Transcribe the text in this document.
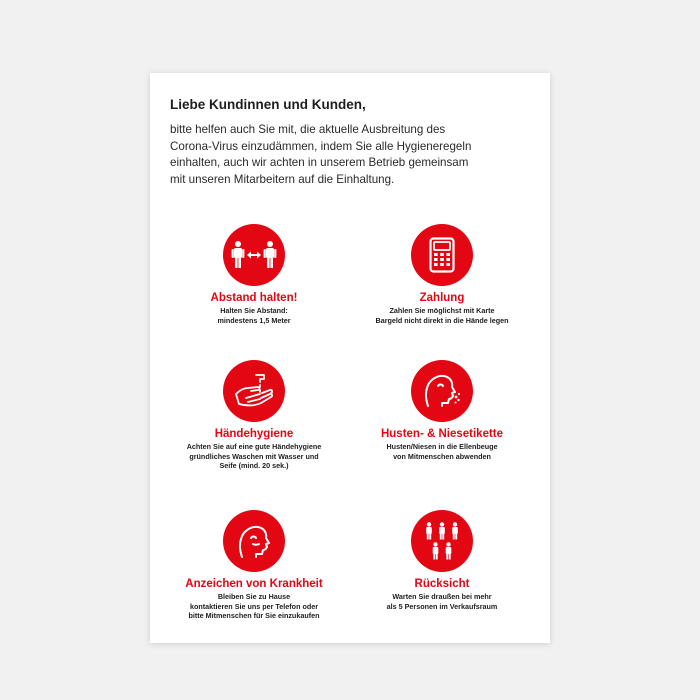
Liebe Kundinnen und Kunden,
bitte helfen auch Sie mit, die aktuelle Ausbreitung des
Corona-Virus einzudämmen, indem Sie alle Hygieneregeln
einhalten, auch wir achten in unserem Betrieb gemeinsam
mit unseren Mitarbeitern auf die Einhaltung.
Abstand halten!
Halten Sie Abstand:
mindestens 1,5 Meter
Zahlung
Zahlen Sie möglichst mit Karte
Bargeld nicht direkt in die Hände legen
Händehygiene
Achten Sie auf eine gute Händehygiene
gründliches Waschen mit Wasser und
Seife (mind. 20 sek.)
Husten- & Niesetikette
Husten/Niesen in die Ellenbeuge
von Mitmenschen abwenden
Anzeichen von Krankheit
Bleiben Sie zu Hause
kontaktieren Sie uns per Telefon oder
bitte Mitmenschen für Sie einzukaufen
Rücksicht
Warten Sie draußen bei mehr
als 5 Personen im Verkaufsraum
